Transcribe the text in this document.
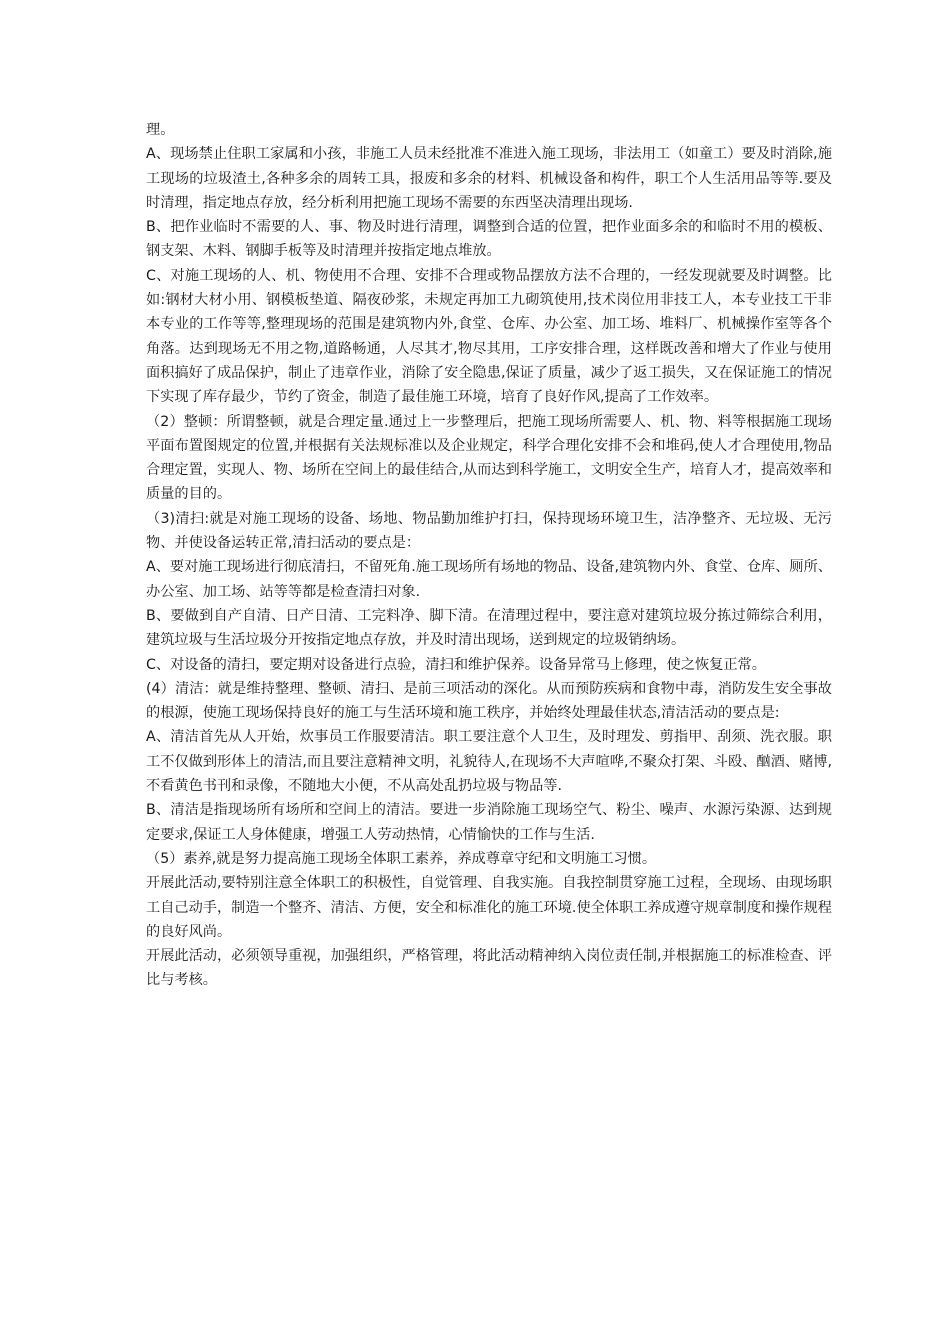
理。

A、现场禁止住职工家属和小孩，非施工人员未经批准不准进入施工现场，非法用工（如童工）要及时消除,施工现场的垃圾渣土,各种多余的周转工具，报废和多余的材料、机械设备和构件，职工个人生活用品等等.要及时清理，指定地点存放，经分析利用把施工现场不需要的东西坚决清理出现场.

B、把作业临时不需要的人、事、物及时进行清理，调整到合适的位置，把作业面多余的和临时不用的模板、钢支架、木料、钢脚手板等及时清理并按指定地点堆放。

C、对施工现场的人、机、物使用不合理、安排不合理或物品摆放方法不合理的，一经发现就要及时调整。比如:钢材大材小用、钢模板垫道、隔夜砂浆，未规定再加工九砌筑使用,技术岗位用非技工人，本专业技工干非本专业的工作等等,整理现场的范围是建筑物内外,食堂、仓库、办公室、加工场、堆料厂、机械操作室等各个角落。达到现场无不用之物,道路畅通，人尽其才,物尽其用，工序安排合理，这样既改善和增大了作业与使用面积搞好了成品保护，制止了违章作业，消除了安全隐患,保证了质量，减少了返工损失，又在保证施工的情况下实现了库存最少，节约了资金，制造了最佳施工环境，培育了良好作风,提高了工作效率。

（2）整顿：所谓整顿，就是合理定量.通过上一步整理后，把施工现场所需要人、机、物、料等根据施工现场平面布置图规定的位置,并根据有关法规标准以及企业规定，科学合理化安排不会和堆码,使人才合理使用,物品合理定置，实现人、物、场所在空间上的最佳结合,从而达到科学施工，文明安全生产，培育人才，提高效率和质量的目的。

（3)清扫:就是对施工现场的设备、场地、物品勤加维护打扫，保持现场环境卫生，洁净整齐、无垃圾、无污物、并使设备运转正常,清扫活动的要点是：

A、要对施工现场进行彻底清扫，不留死角.施工现场所有场地的物品、设备,建筑物内外、食堂、仓库、厕所、办公室、加工场、站等等都是检查清扫对象.

B、要做到自产自清、日产日清、工完料净、脚下清。在清理过程中，要注意对建筑垃圾分拣过筛综合利用，建筑垃圾与生活垃圾分开按指定地点存放，并及时清出现场，送到规定的垃圾销纳场。

C、对设备的清扫，要定期对设备进行点验，清扫和维护保养。设备异常马上修理，使之恢复正常。

(4）清洁：就是维持整理、整顿、清扫、是前三项活动的深化。从而预防疾病和食物中毒，消防发生安全事故的根源，使施工现场保持良好的施工与生活环境和施工秩序，并始终处理最佳状态,清洁活动的要点是:

A、清洁首先从人开始，炊事员工作服要清洁。职工要注意个人卫生，及时理发、剪指甲、刮须、洗衣服。职工不仅做到形体上的清洁,而且要注意精神文明，礼貌待人,在现场不大声喧哗,不聚众打架、斗殴、酗酒、赌博,不看黄色书刊和录像，不随地大小便，不从高处乱扔垃圾与物品等.

B、清洁是指现场所有场所和空间上的清洁。要进一步消除施工现场空气、粉尘、噪声、水源污染源、达到规定要求,保证工人身体健康，增强工人劳动热情，心情愉快的工作与生活.

（5）素养,就是努力提高施工现场全体职工素养，养成尊章守纪和文明施工习惯。

开展此活动,要特别注意全体职工的积极性，自觉管理、自我实施。自我控制贯穿施工过程，全现场、由现场职工自己动手，制造一个整齐、清洁、方便，安全和标准化的施工环境.使全体职工养成遵守规章制度和操作规程的良好风尚。

开展此活动，必须领导重视，加强组织，严格管理，将此活动精神纳入岗位责任制,并根据施工的标准检查、评比与考核。
